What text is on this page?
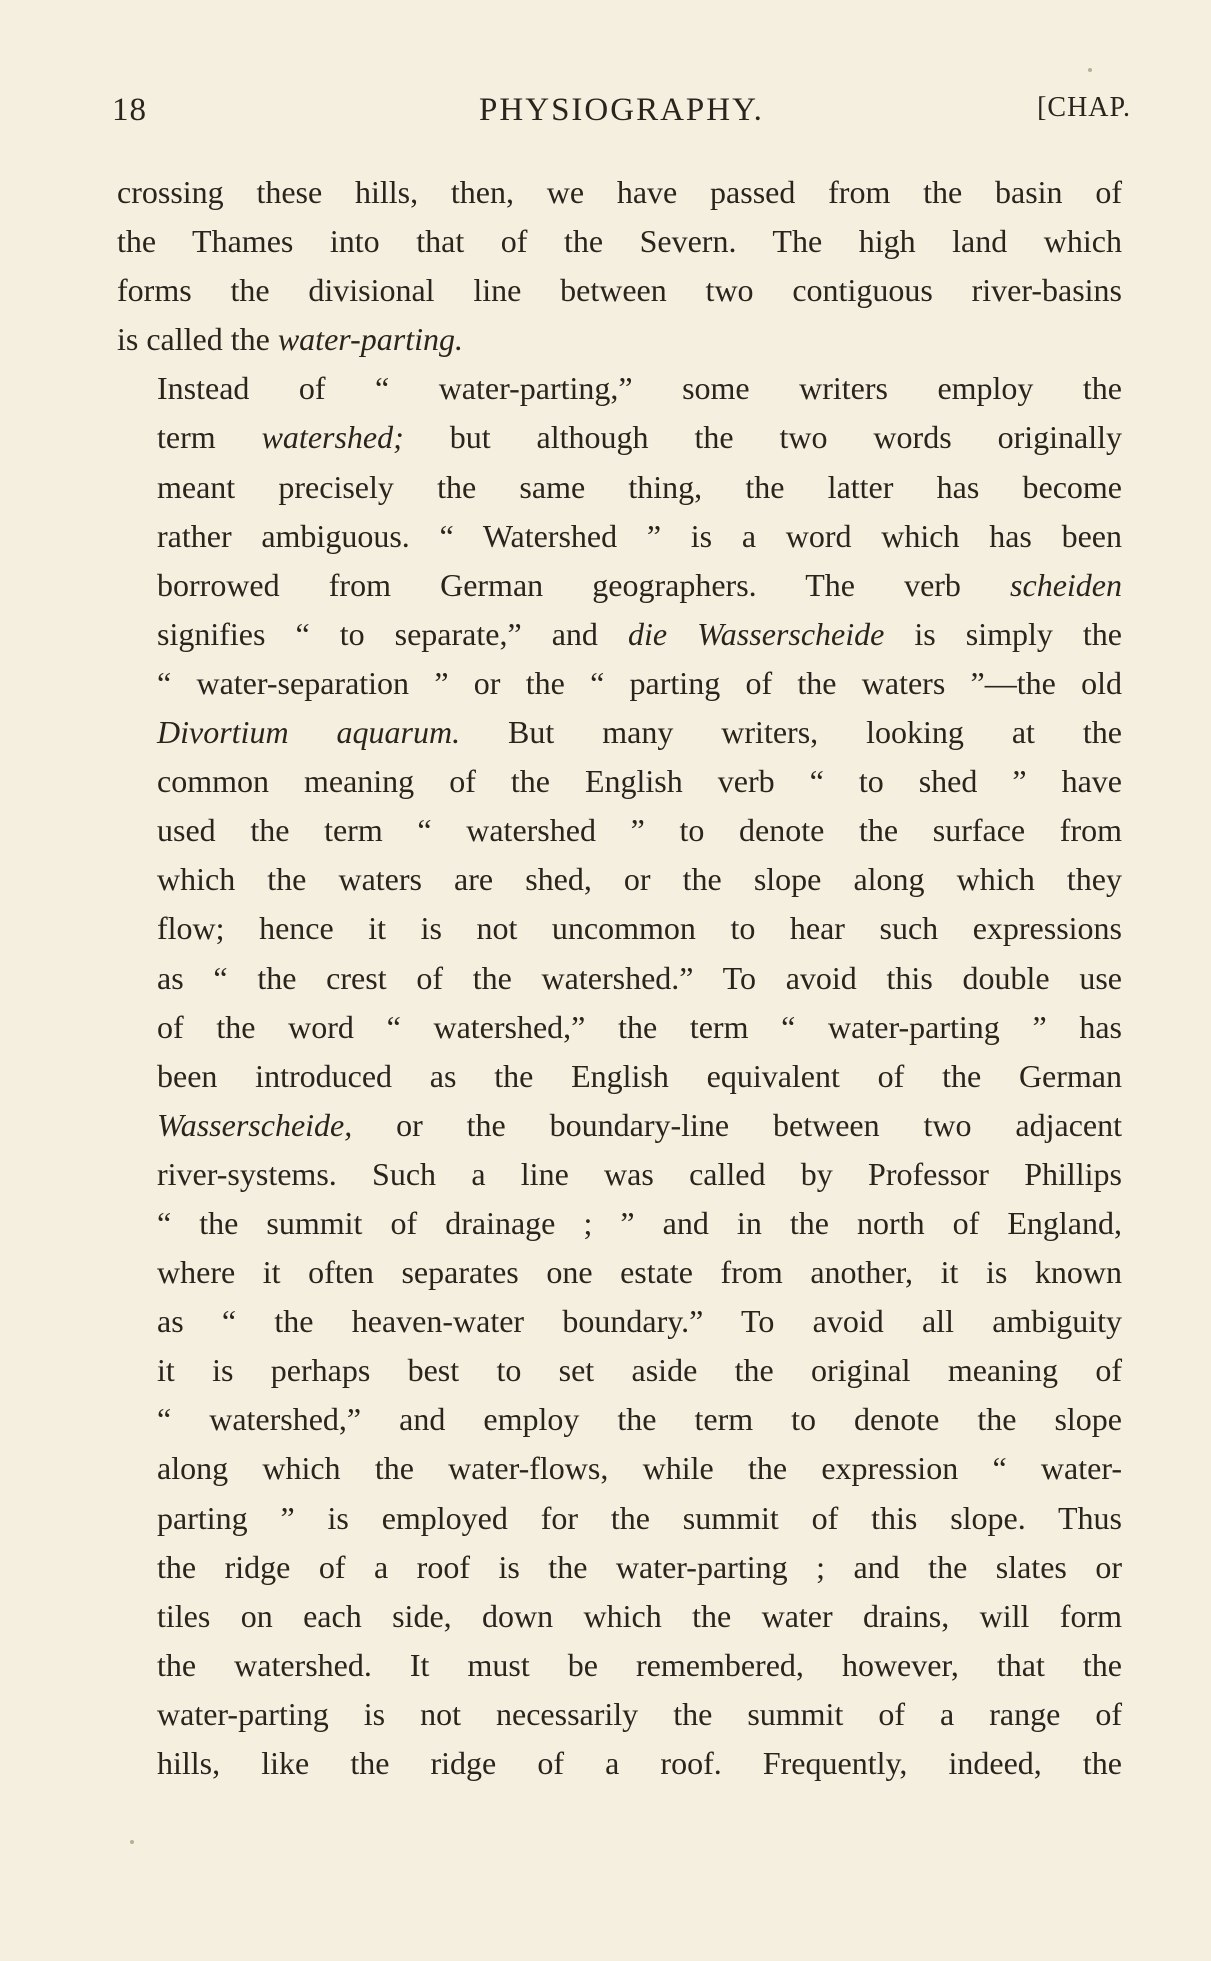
18	PHYSIOGRAPHY.	[CHAP.
crossing these hills, then, we have passed from the basin of
the Thames into that of the Severn. The high land which
forms the divisional line between two contiguous river-basins
is called the water-parting.
Instead of “ water-parting,” some writers employ the
term watershed; but although the two words originally
meant precisely the same thing, the latter has become
rather ambiguous. “ Watershed ” is a word which has been
borrowed from German geographers. The verb scheiden
signifies “ to separate,” and die Wasserscheide is simply the
“ water-separation ” or the “ parting of the waters ”—the old
Divortium aquarum. But many writers, looking at the
common meaning of the English verb “ to shed ” have
used the term “ watershed ” to denote the surface from
which the waters are shed, or the slope along which they
flow; hence it is not uncommon to hear such expressions
as “ the crest of the watershed.” To avoid this double use
of the word “ watershed,” the term “ water-parting ” has
been introduced as the English equivalent of the German
Wasserscheide, or the boundary-line between two adjacent
river-systems. Such a line was called by Professor Phillips
“ the summit of drainage ; ” and in the north of England,
where it often separates one estate from another, it is known
as “ the heaven-water boundary.” To avoid all ambiguity
it is perhaps best to set aside the original meaning of
“ watershed,” and employ the term to denote the slope
along which the water-flows, while the expression “ water-
parting ” is employed for the summit of this slope. Thus
the ridge of a roof is the water-parting ; and the slates or
tiles on each side, down which the water drains, will form
the watershed. It must be remembered, however, that the
water-parting is not necessarily the summit of a range of
hills, like the ridge of a roof. Frequently, indeed, the
